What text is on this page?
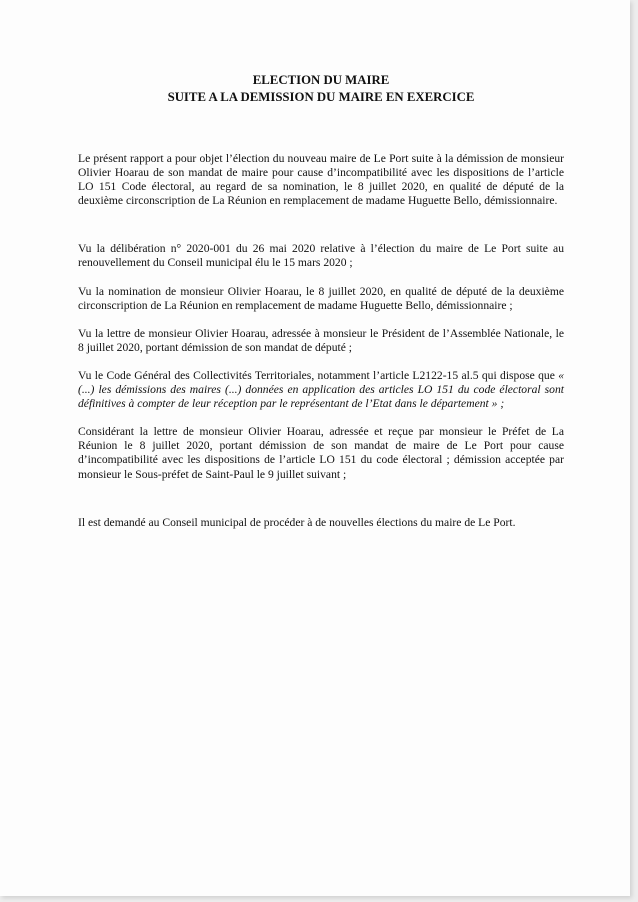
ELECTION DU MAIRE
SUITE A LA DEMISSION DU MAIRE EN EXERCICE

Le présent rapport a pour objet l’élection du nouveau maire de Le Port suite à la démission de monsieur Olivier Hoarau de son mandat de maire pour cause d’incompatibilité avec les dispositions de l’article LO 151 Code électoral, au regard de sa nomination, le 8 juillet 2020, en qualité de député de la deuxième circonscription de La Réunion en remplacement de madame Huguette Bello, démissionnaire.

Vu la délibération n° 2020-001 du 26 mai 2020 relative à l’élection du maire de Le Port suite au renouvellement du Conseil municipal élu le 15 mars 2020 ;

Vu la nomination de monsieur Olivier Hoarau, le 8 juillet 2020, en qualité de député de la deuxième circonscription de La Réunion en remplacement de madame Huguette Bello, démissionnaire ;

Vu la lettre de monsieur Olivier Hoarau, adressée à monsieur le Président de l’Assemblée Nationale, le 8 juillet 2020, portant démission de son mandat de député ;

Vu le Code Général des Collectivités Territoriales, notamment l’article L2122-15 al.5 qui dispose que « (...) les démissions des maires (...) données en application des articles LO 151 du code électoral sont définitives à compter de leur réception par le représentant de l’Etat dans le département » ;

Considérant la lettre de monsieur Olivier Hoarau, adressée et reçue par monsieur le Préfet de La Réunion le 8 juillet 2020, portant démission de son mandat de maire de Le Port pour cause d’incompatibilité avec les dispositions de l’article LO 151 du code électoral ; démission acceptée par monsieur le Sous-préfet de Saint-Paul le 9 juillet suivant ;

Il est demandé au Conseil municipal de procéder à de nouvelles élections du maire de Le Port.
